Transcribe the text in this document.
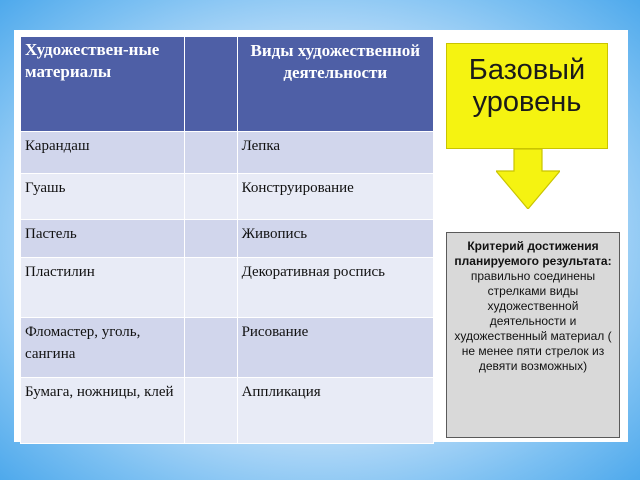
Художествен-ные материалы		Виды художественной деятельности
Карандаш		Лепка
Гуашь		Конструирование
Пастель		Живопись
Пластилин		Декоративная роспись
Фломастер, уголь, сангина		Рисование
Бумага, ножницы, клей		Аппликация
Базовый уровень
Критерий достижения планируемого результата:
правильно соединены стрелками виды художественной деятельности и художественный материал ( не менее пяти стрелок из девяти возможных)
